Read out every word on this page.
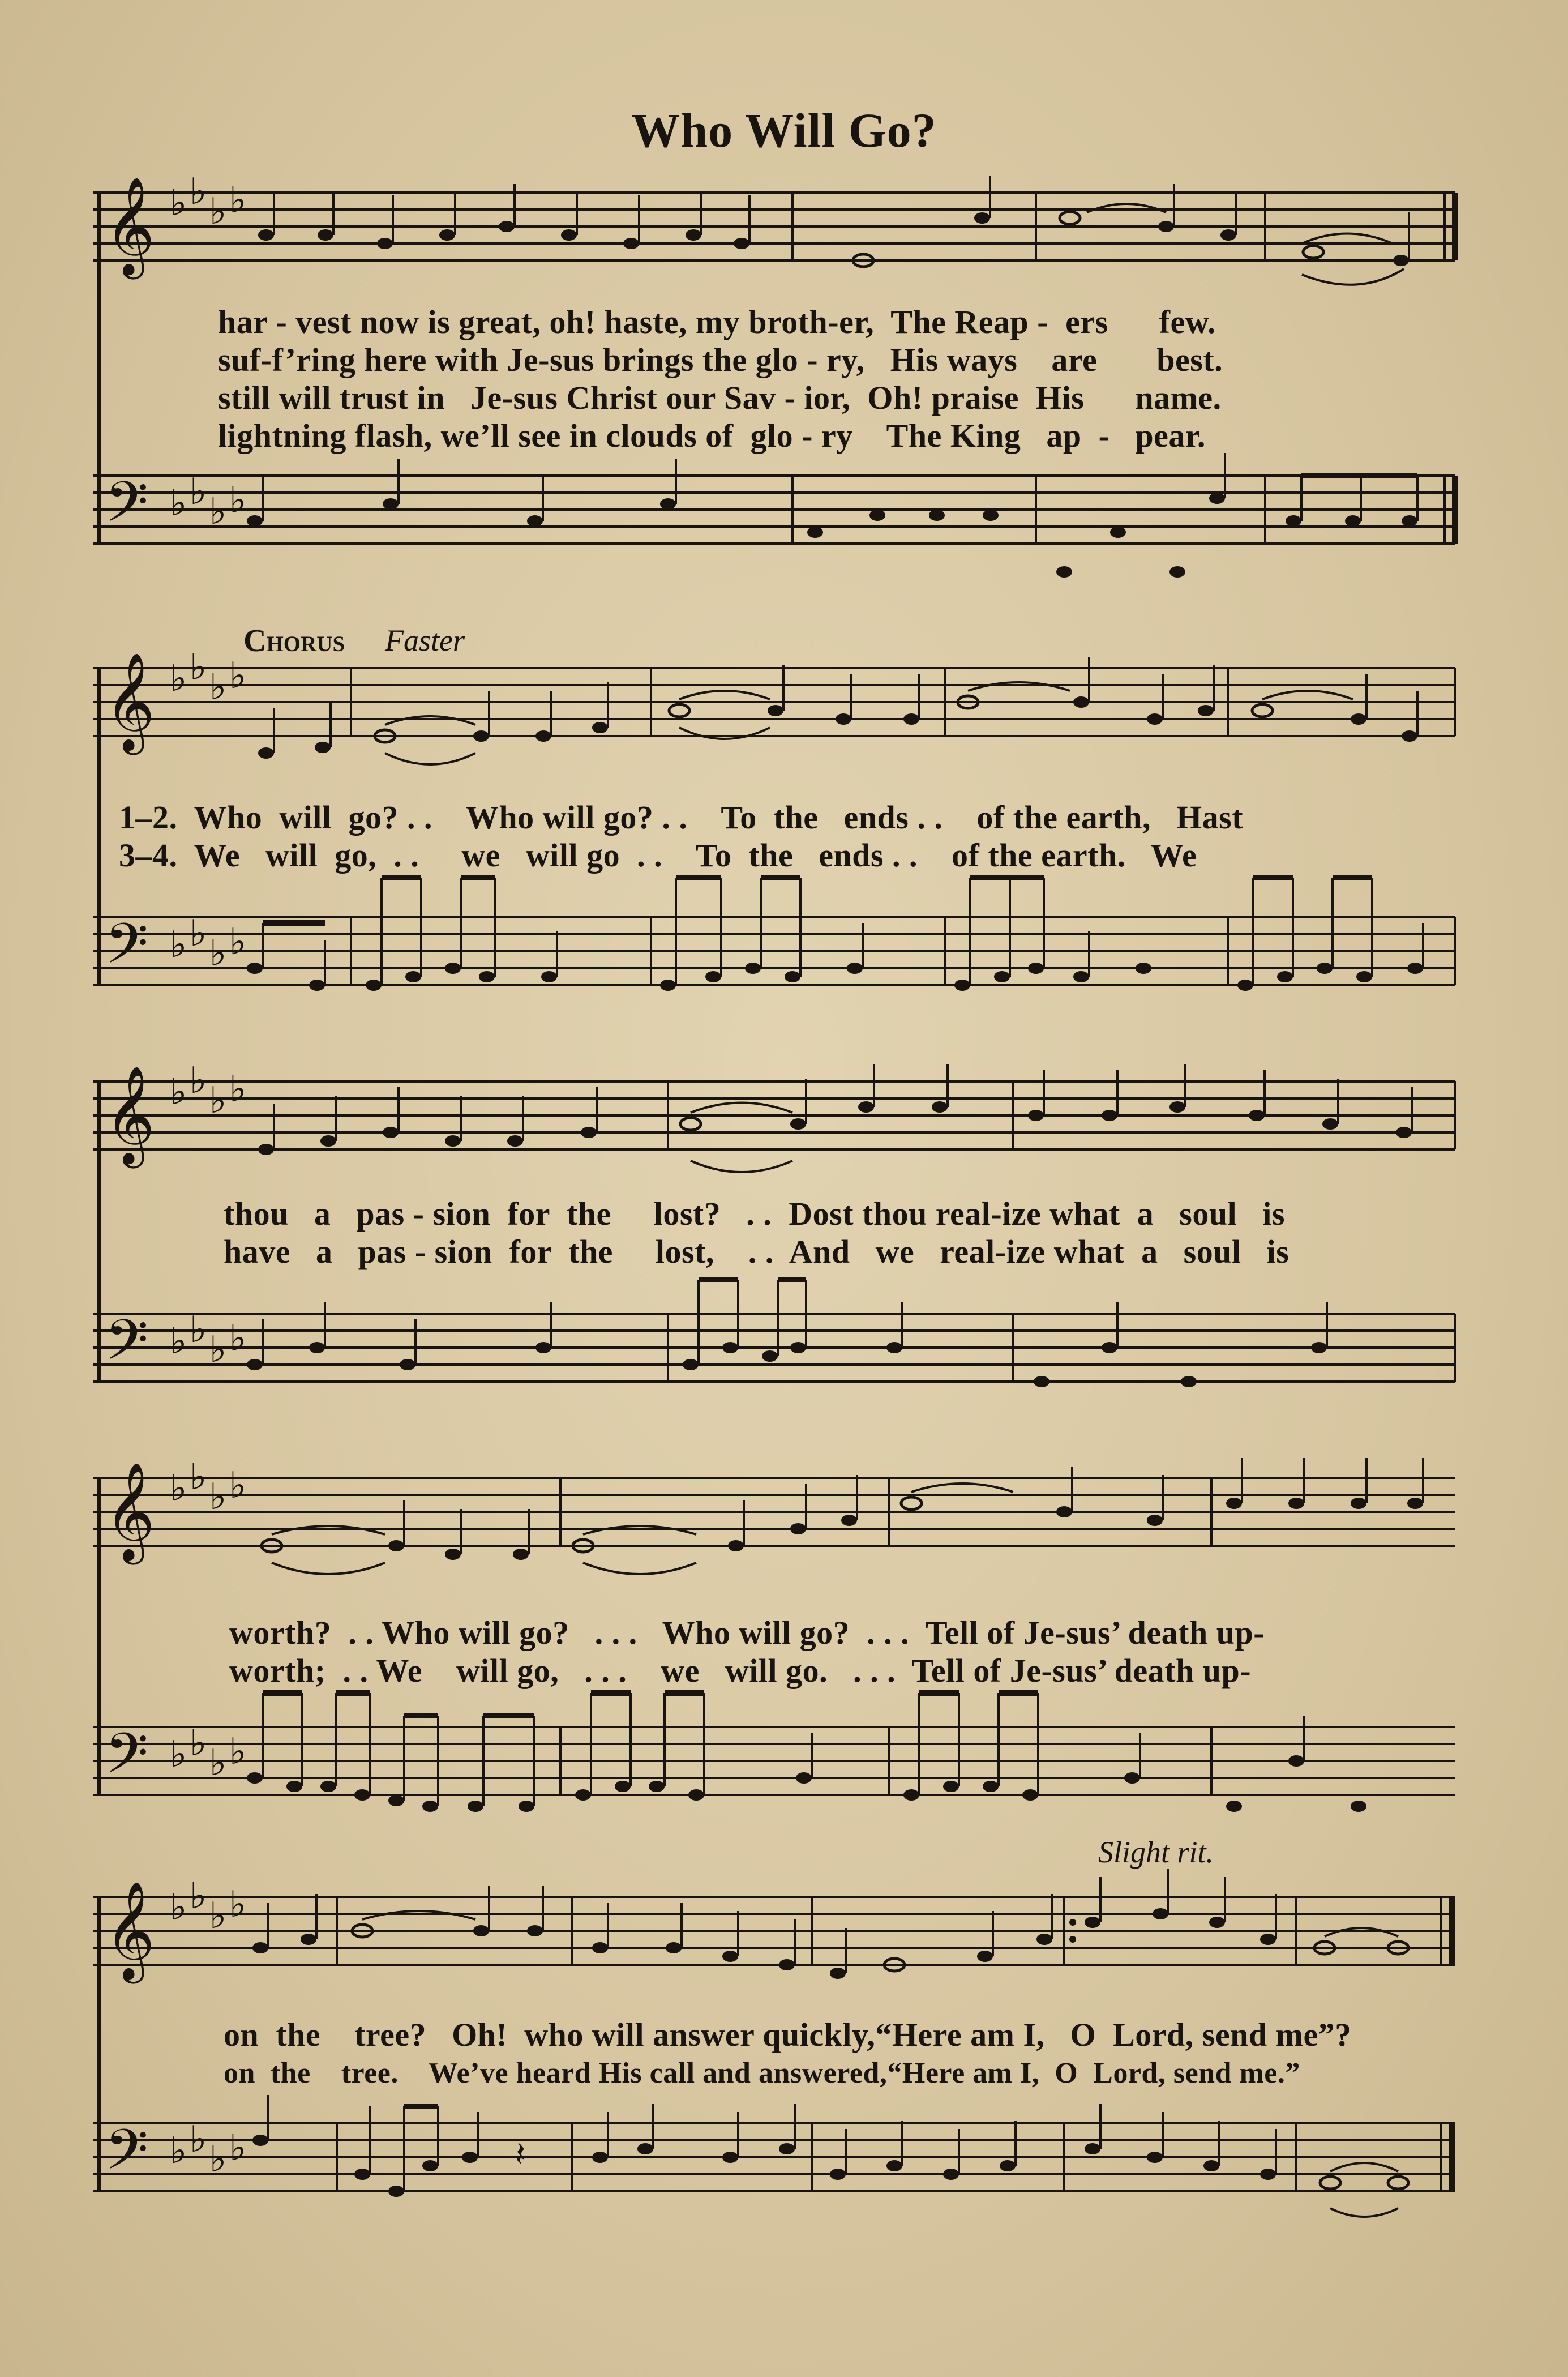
Who Will Go?
𝄞
𝄢
♭ ♭ ♭ ♭
♭ ♭ ♭ ♭
har - vest now is great, oh! haste, my broth-er,  The Reap -  ers      few.
suf-f’ring here with Je-sus brings the glo - ry,   His ways    are       best.
still will trust in   Je-sus Christ our Sav - ior,  Oh! praise  His      name.
lightning flash, we’ll see in clouds of  glo - ry    The King   ap  -   pear.
Chorus Faster
𝄞
𝄢
♭ ♭ ♭ ♭
♭ ♭ ♭ ♭
1–2.  Who  will  go? . .    Who will go? . .    To  the   ends . .    of the earth,   Hast
3–4.  We   will  go,  . .     we   will go  . .    To  the   ends . .    of the earth.   We
𝄞
𝄢
♭ ♭ ♭ ♭
♭ ♭ ♭ ♭
thou   a   pas - sion  for  the     lost?   . .  Dost thou real-ize what  a   soul   is
have   a   pas - sion  for  the     lost,    . .  And   we   real-ize what  a   soul   is
𝄞
𝄢
♭ ♭ ♭ ♭
♭ ♭ ♭ ♭
worth?  . . Who will go?   . . .   Who will go?  . . .  Tell of Je-sus’ death up-
worth;  . . We    will go,   . . .    we   will go.   . . .  Tell of Je-sus’ death up-
Slight rit.
𝄞
𝄢
♭ ♭ ♭ ♭
♭ ♭ ♭ ♭	𝄽
on  the    tree?   Oh!  who will answer quickly,“Here am I,   O  Lord, send me”?
on  the    tree.    We’ve heard His call and answered,“Here am I,  O  Lord, send me.”
